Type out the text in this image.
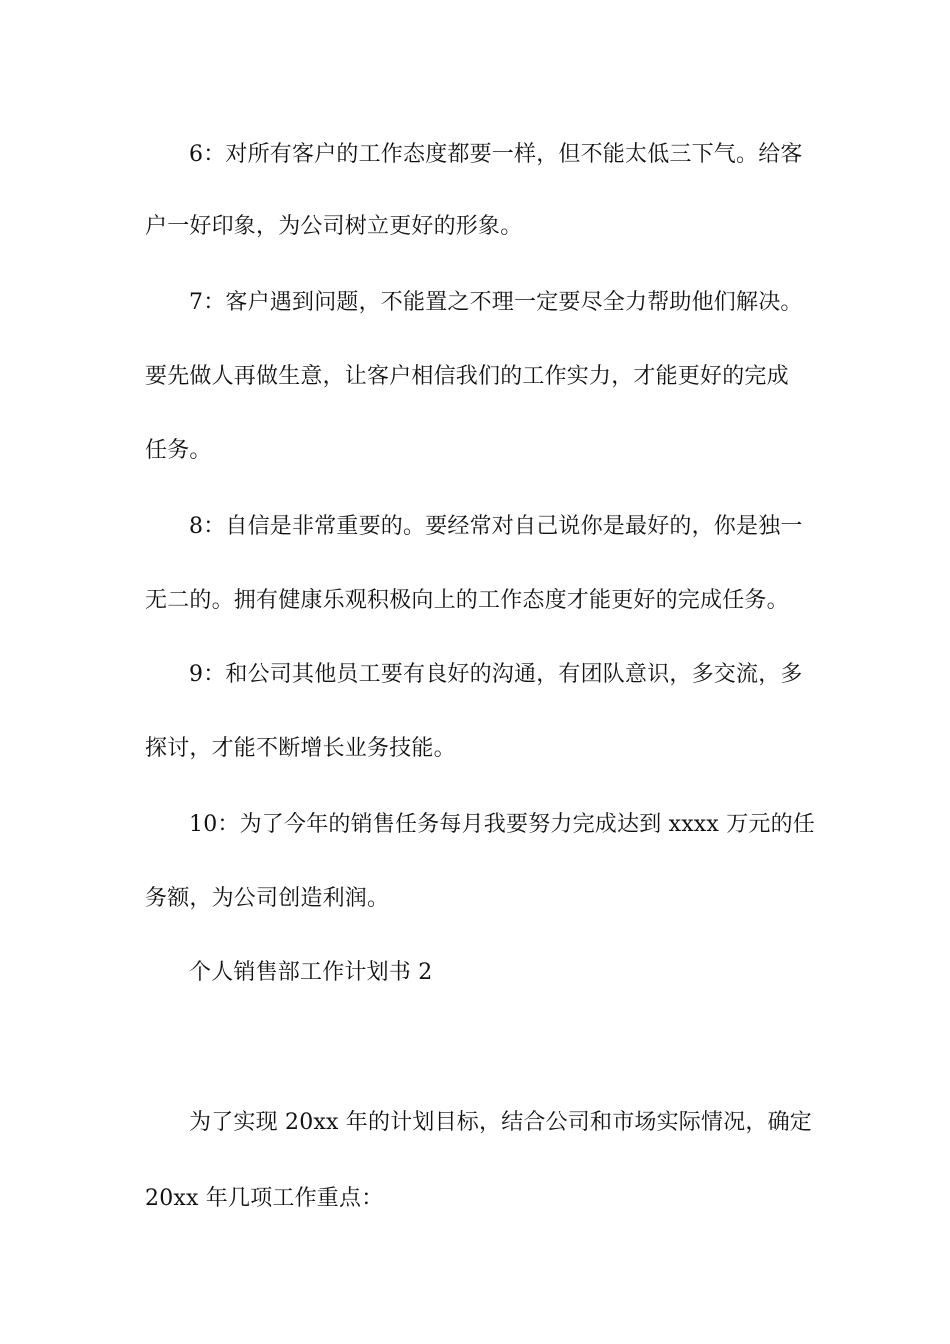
6：对所有客户的工作态度都要一样，但不能太低三下气。给客
户一好印象，为公司树立更好的形象。
7：客户遇到问题，不能置之不理一定要尽全力帮助他们解决。
要先做人再做生意，让客户相信我们的工作实力，才能更好的完成
任务。
8：自信是非常重要的。要经常对自己说你是最好的，你是独一
无二的。拥有健康乐观积极向上的工作态度才能更好的完成任务。
9：和公司其他员工要有良好的沟通，有团队意识，多交流，多
探讨，才能不断增长业务技能。
10：为了今年的销售任务每月我要努力完成达到 xxxx 万元的任
务额，为公司创造利润。
个人销售部工作计划书 2
为了实现 20xx 年的计划目标，结合公司和市场实际情况，确定
20xx 年几项工作重点：
